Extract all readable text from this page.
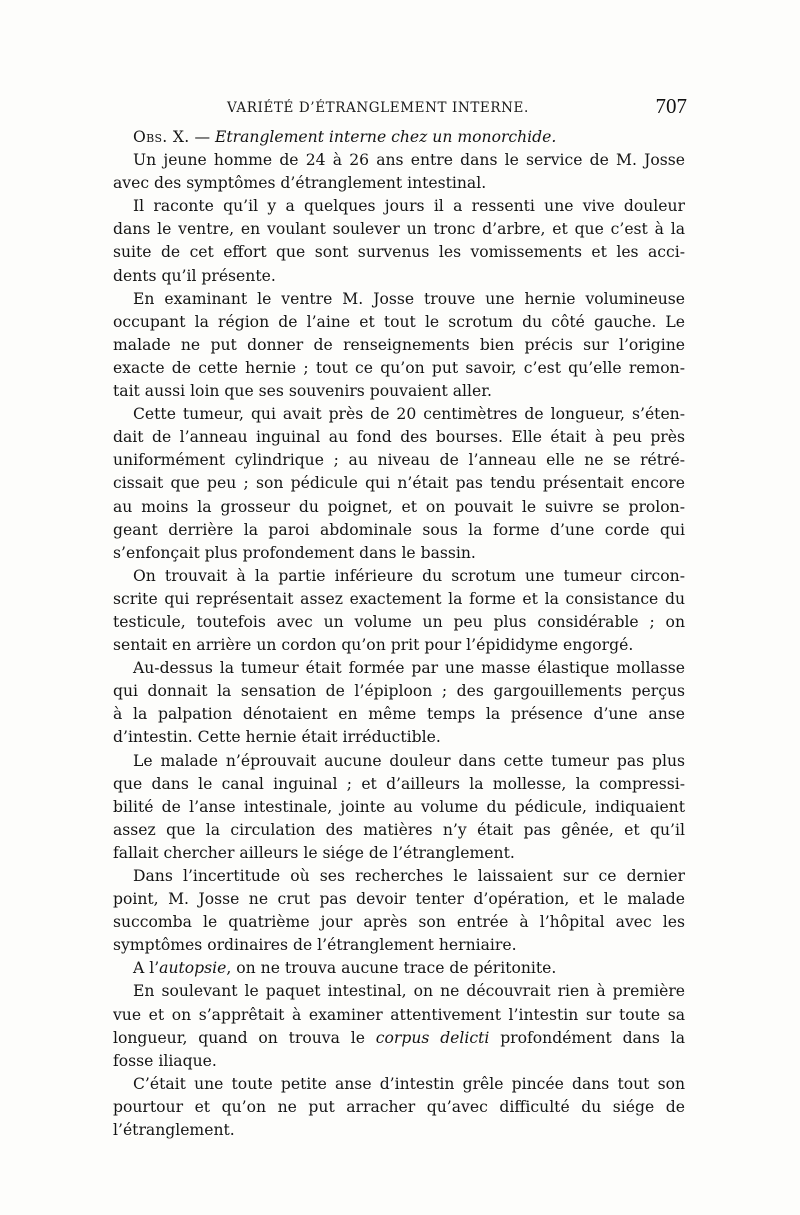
VARIÉTÉ D’ÉTRANGLEMENT INTERNE.	707
Obs. X. — Etranglement interne chez un monorchide.
Un jeune homme de 24 à 26 ans entre dans le service de M. Josse
avec des symptômes d’étranglement intestinal.
Il raconte qu’il y a quelques jours il a ressenti une vive douleur
dans le ventre, en voulant soulever un tronc d’arbre, et que c’est à la
suite de cet effort que sont survenus les vomissements et les acci-
dents qu’il présente.
En examinant le ventre M. Josse trouve une hernie volumineuse
occupant la région de l’aine et tout le scrotum du côté gauche. Le
malade ne put donner de renseignements bien précis sur l’origine
exacte de cette hernie ; tout ce qu’on put savoir, c’est qu’elle remon-
tait aussi loin que ses souvenirs pouvaient aller.
Cette tumeur, qui avait près de 20 centimètres de longueur, s’éten-
dait de l’anneau inguinal au fond des bourses. Elle était à peu près
uniformément cylindrique ; au niveau de l’anneau elle ne se rétré-
cissait que peu ; son pédicule qui n’était pas tendu présentait encore
au moins la grosseur du poignet, et on pouvait le suivre se prolon-
geant derrière la paroi abdominale sous la forme d’une corde qui
s’enfonçait plus profondement dans le bassin.
On trouvait à la partie inférieure du scrotum une tumeur circon-
scrite qui représentait assez exactement la forme et la consistance du
testicule, toutefois avec un volume un peu plus considérable ; on
sentait en arrière un cordon qu’on prit pour l’épididyme engorgé.
Au-dessus la tumeur était formée par une masse élastique mollasse
qui donnait la sensation de l’épiploon ; des gargouillements perçus
à la palpation dénotaient en même temps la présence d’une anse
d’intestin. Cette hernie était irréductible.
Le malade n’éprouvait aucune douleur dans cette tumeur pas plus
que dans le canal inguinal ; et d’ailleurs la mollesse, la compressi-
bilité de l’anse intestinale, jointe au volume du pédicule, indiquaient
assez que la circulation des matières n’y était pas gênée, et qu’il
fallait chercher ailleurs le siége de l’étranglement.
Dans l’incertitude où ses recherches le laissaient sur ce dernier
point, M. Josse ne crut pas devoir tenter d’opération, et le malade
succomba le quatrième jour après son entrée à l’hôpital avec les
symptômes ordinaires de l’étranglement herniaire.
A l’autopsie, on ne trouva aucune trace de péritonite.
En soulevant le paquet intestinal, on ne découvrait rien à première
vue et on s’apprêtait à examiner attentivement l’intestin sur toute sa
longueur, quand on trouva le corpus delicti profondément dans la
fosse iliaque.
C’était une toute petite anse d’intestin grêle pincée dans tout son
pourtour et qu’on ne put arracher qu’avec difficulté du siége de
l’étranglement.
